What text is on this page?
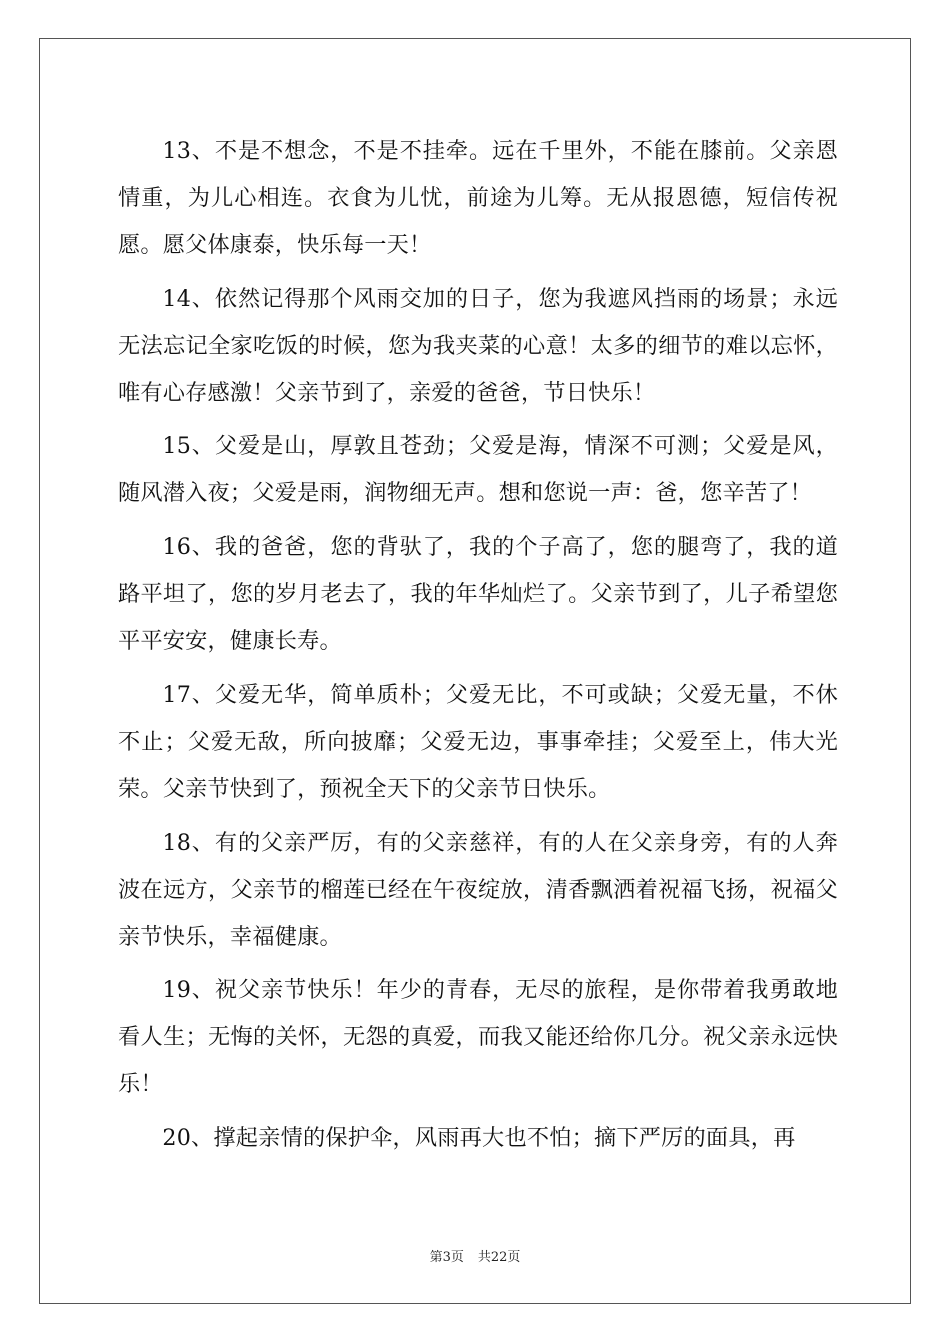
13、不是不想念，不是不挂牵。远在千里外，不能在膝前。父亲恩情重，为儿心相连。衣食为儿忧，前途为儿筹。无从报恩德，短信传祝愿。愿父体康泰，快乐每一天！

14、依然记得那个风雨交加的日子，您为我遮风挡雨的场景；永远无法忘记全家吃饭的时候，您为我夹菜的心意！太多的细节的难以忘怀，唯有心存感激！父亲节到了，亲爱的爸爸，节日快乐！

15、父爱是山，厚敦且苍劲；父爱是海，情深不可测；父爱是风，随风潜入夜；父爱是雨，润物细无声。想和您说一声：爸，您辛苦了！

16、我的爸爸，您的背驮了，我的个子高了，您的腿弯了，我的道路平坦了，您的岁月老去了，我的年华灿烂了。父亲节到了，儿子希望您平平安安，健康长寿。

17、父爱无华，简单质朴；父爱无比，不可或缺；父爱无量，不休不止；父爱无敌，所向披靡；父爱无边，事事牵挂；父爱至上，伟大光荣。父亲节快到了，预祝全天下的父亲节日快乐。

18、有的父亲严厉，有的父亲慈祥，有的人在父亲身旁，有的人奔波在远方，父亲节的榴莲已经在午夜绽放，清香飘洒着祝福飞扬，祝福父亲节快乐，幸福健康。

19、祝父亲节快乐！年少的青春，无尽的旅程，是你带着我勇敢地看人生；无悔的关怀，无怨的真爱，而我又能还给你几分。祝父亲永远快乐！

20、撑起亲情的保护伞，风雨再大也不怕；摘下严厉的面具，再

第3页 共22页
